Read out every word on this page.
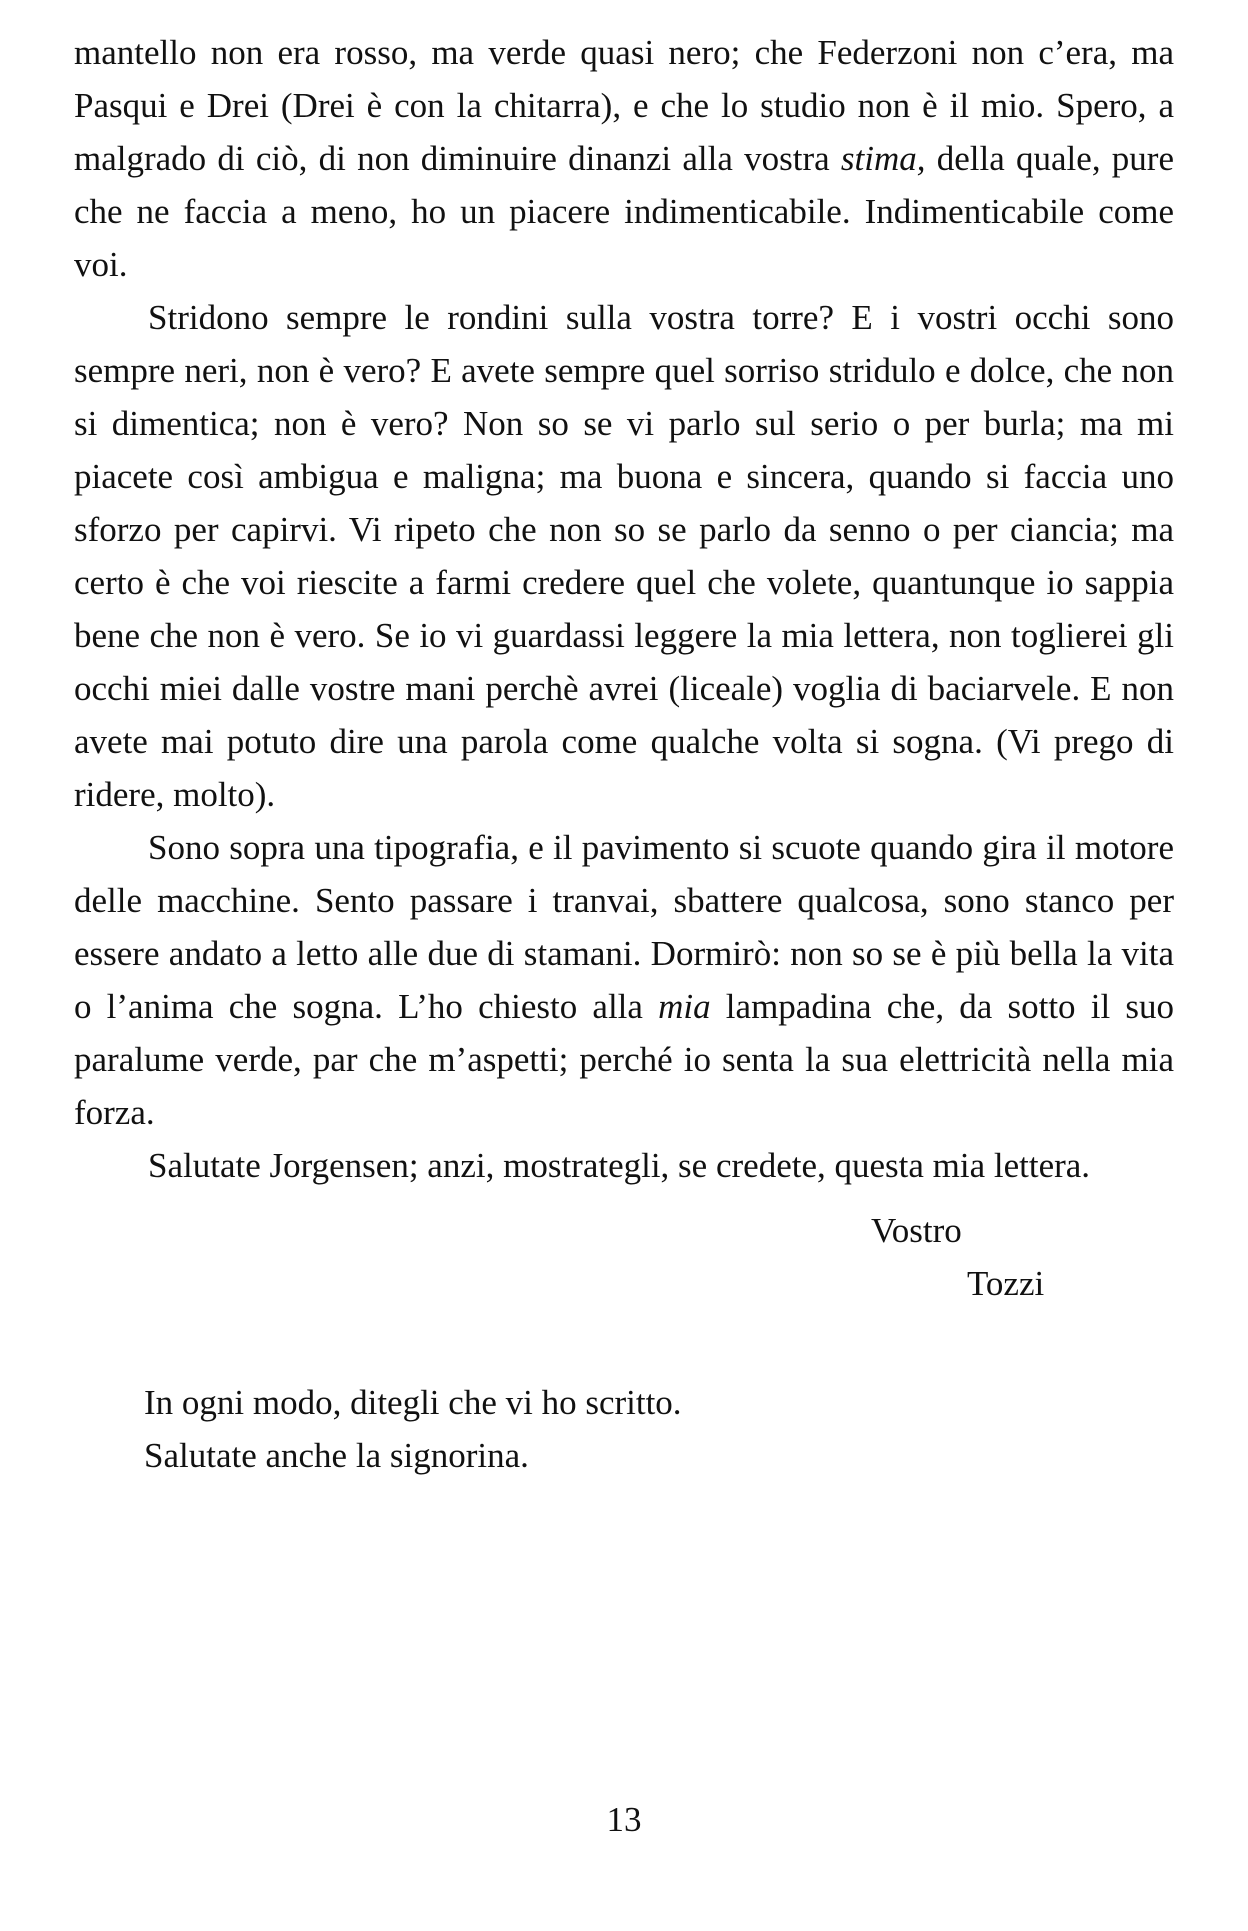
mantello non era rosso, ma verde quasi nero; che Federzoni non c’era, ma Pasqui e Drei (Drei è con la chitarra), e che lo studio non è il mio. Spero, a malgrado di ciò, di non diminuire dinanzi alla vostra stima, della quale, pure che ne faccia a meno, ho un piacere indimenticabile. Indimenticabile come voi.

Stridono sempre le rondini sulla vostra torre? E i vostri occhi sono sempre neri, non è vero? E avete sempre quel sorriso stridulo e dolce, che non si dimentica; non è vero? Non so se vi parlo sul serio o per burla; ma mi piacete così ambigua e maligna; ma buona e sincera, quando si faccia uno sforzo per capirvi. Vi ripeto che non so se parlo da senno o per ciancia; ma certo è che voi riescite a farmi credere quel che volete, quantunque io sappia bene che non è vero. Se io vi guardassi leggere la mia lettera, non toglierei gli occhi miei dalle vostre mani perchè avrei (liceale) voglia di baciarvele. E non avete mai potuto dire una parola come qualche volta si sogna. (Vi prego di ridere, molto).

Sono sopra una tipografia, e il pavimento si scuote quando gira il motore delle macchine. Sento passare i tranvai, sbattere qualcosa, sono stanco per essere andato a letto alle due di stamani. Dormirò: non so se è più bella la vita o l’anima che sogna. L’ho chiesto alla mia lampadina che, da sotto il suo paralume verde, par che m’aspetti; perché io senta la sua elettricità nella mia forza.

Salutate Jorgensen; anzi, mostrategli, se credete, questa mia lettera.

Vostro
Tozzi

In ogni modo, ditegli che vi ho scritto.

Salutate anche la signorina.

13
